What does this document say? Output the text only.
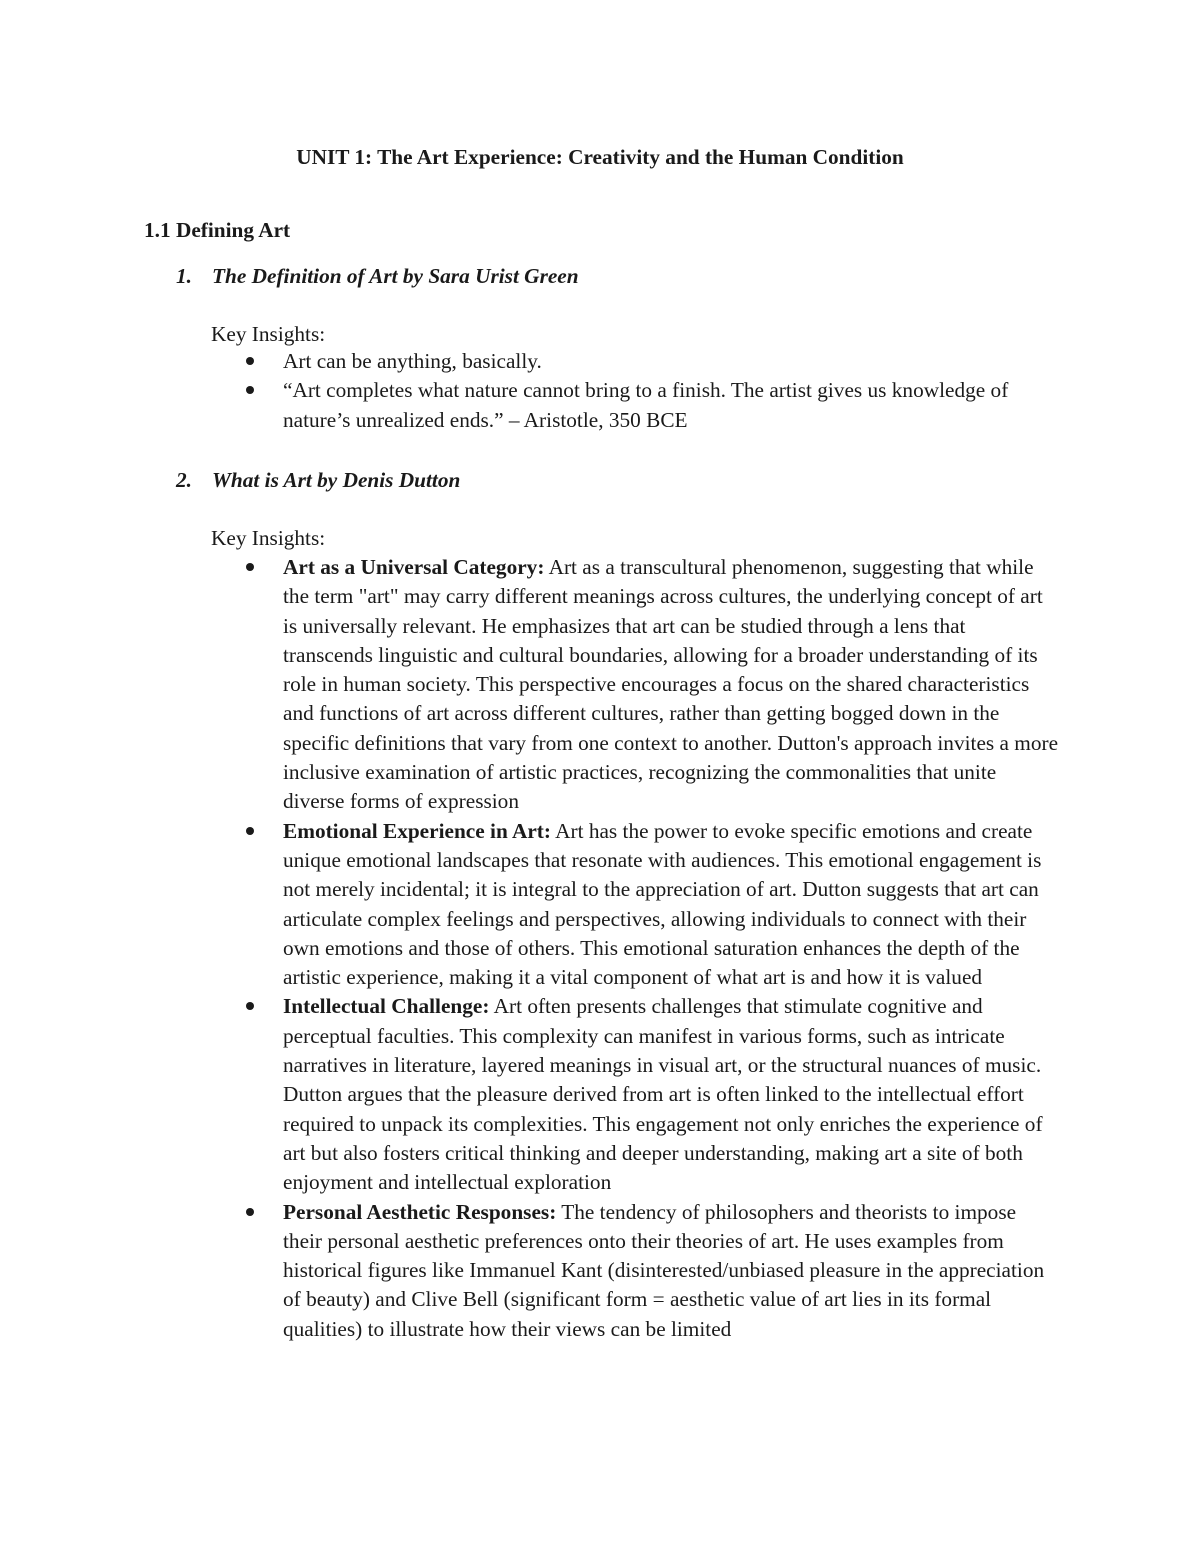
UNIT 1: The Art Experience: Creativity and the Human Condition
1.1 Defining Art
1. The Definition of Art by Sara Urist Green
Key Insights:
Art can be anything, basically.
“Art completes what nature cannot bring to a finish. The artist gives us knowledge of nature’s unrealized ends.” – Aristotle, 350 BCE
2. What is Art by Denis Dutton
Key Insights:
Art as a Universal Category: Art as a transcultural phenomenon, suggesting that while the term "art" may carry different meanings across cultures, the underlying concept of art is universally relevant. He emphasizes that art can be studied through a lens that transcends linguistic and cultural boundaries, allowing for a broader understanding of its role in human society. This perspective encourages a focus on the shared characteristics and functions of art across different cultures, rather than getting bogged down in the specific definitions that vary from one context to another. Dutton's approach invites a more inclusive examination of artistic practices, recognizing the commonalities that unite diverse forms of expression
Emotional Experience in Art: Art has the power to evoke specific emotions and create unique emotional landscapes that resonate with audiences. This emotional engagement is not merely incidental; it is integral to the appreciation of art. Dutton suggests that art can articulate complex feelings and perspectives, allowing individuals to connect with their own emotions and those of others. This emotional saturation enhances the depth of the artistic experience, making it a vital component of what art is and how it is valued
Intellectual Challenge: Art often presents challenges that stimulate cognitive and perceptual faculties. This complexity can manifest in various forms, such as intricate narratives in literature, layered meanings in visual art, or the structural nuances of music. Dutton argues that the pleasure derived from art is often linked to the intellectual effort required to unpack its complexities. This engagement not only enriches the experience of art but also fosters critical thinking and deeper understanding, making art a site of both enjoyment and intellectual exploration
Personal Aesthetic Responses: The tendency of philosophers and theorists to impose their personal aesthetic preferences onto their theories of art. He uses examples from historical figures like Immanuel Kant (disinterested/unbiased pleasure in the appreciation of beauty) and Clive Bell (significant form = aesthetic value of art lies in its formal qualities) to illustrate how their views can be limited
